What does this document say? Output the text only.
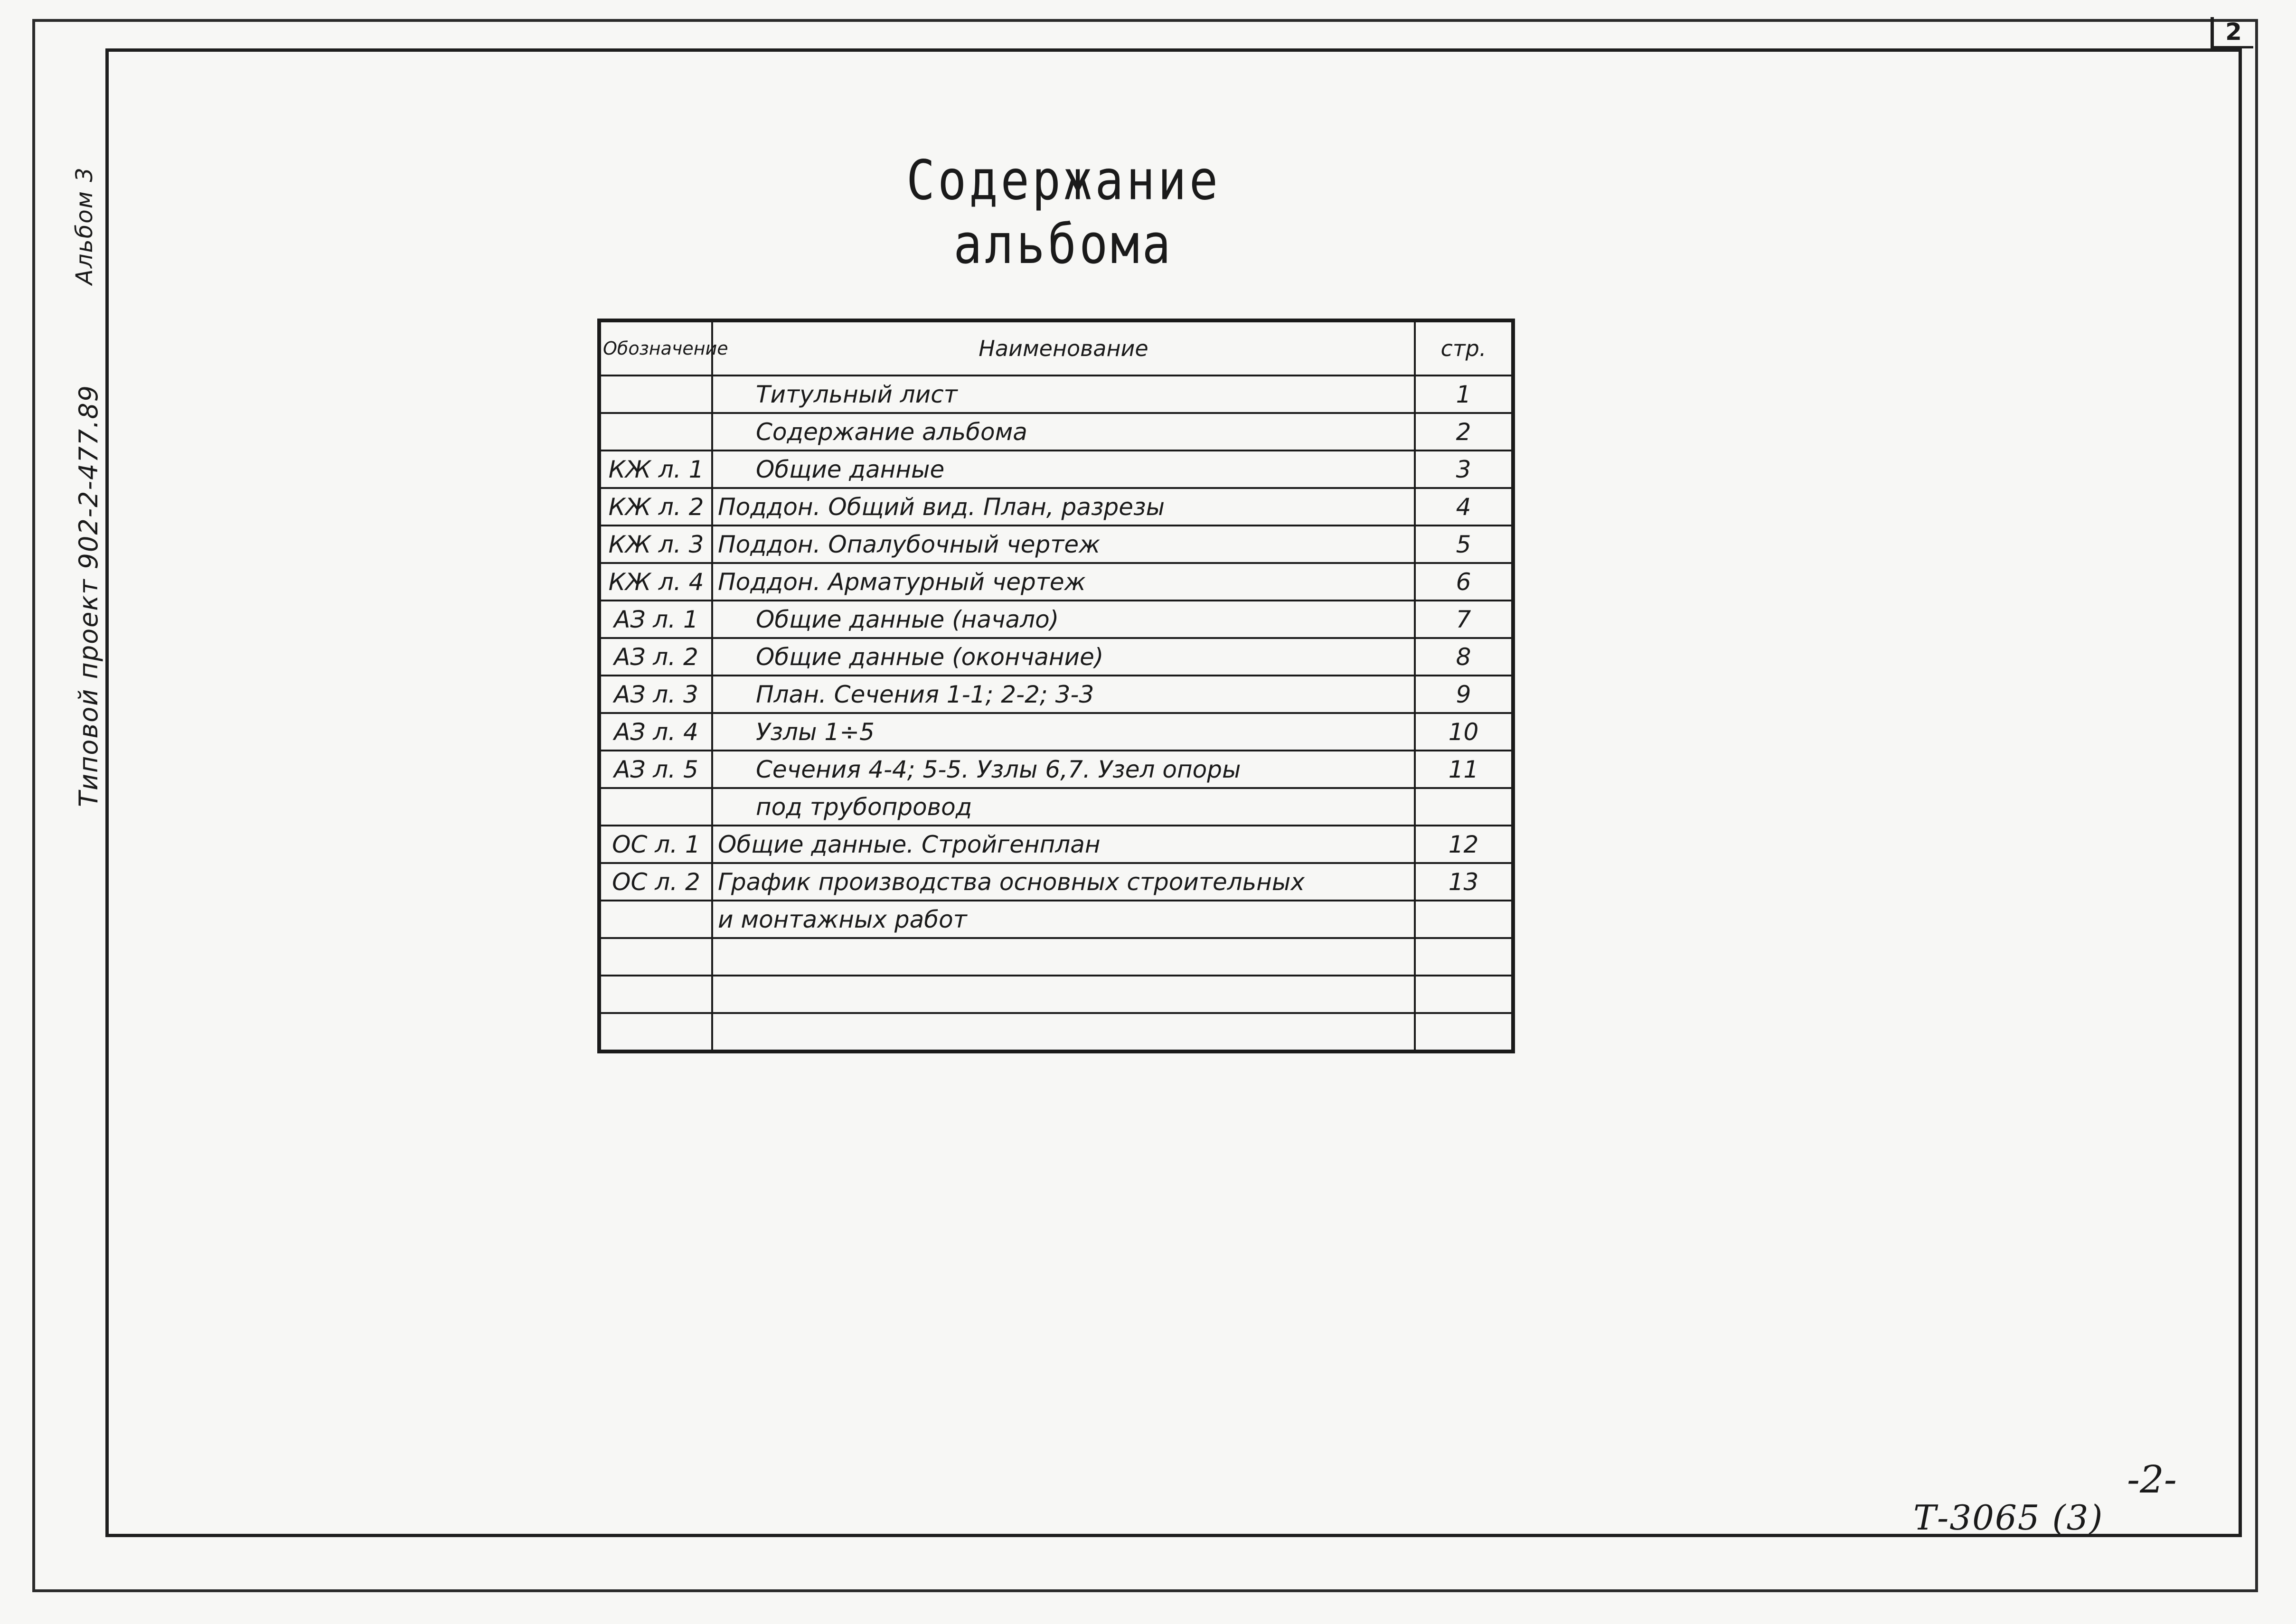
2
Типовой проект 902-2-477.89
Альбом 3	Содержание альбома
Обозначение	Наименование	стр.
	Титульный лист	1
	Содержание альбома	2
КЖ л. 1	Общие данные	3
КЖ л. 2	Поддон. Общий вид. План, разрезы	4
КЖ л. 3	Поддон. Опалубочный чертеж	5
КЖ л. 4	Поддон. Арматурный чертеж	6
АЗ л. 1	Общие данные (начало)	7
АЗ л. 2	Общие данные (окончание)	8
АЗ л. 3	План. Сечения 1-1; 2-2; 3-3	9
АЗ л. 4	Узлы 1÷5	10
АЗ л. 5	Сечения 4-4; 5-5. Узлы 6,7. Узел опоры	11
	под трубопровод	
ОС л. 1	Общие данные. Стройгенплан	12
ОС л. 2	График производства основных строительных	13
	и монтажных работ	

-2-
Т-3065 (3)
